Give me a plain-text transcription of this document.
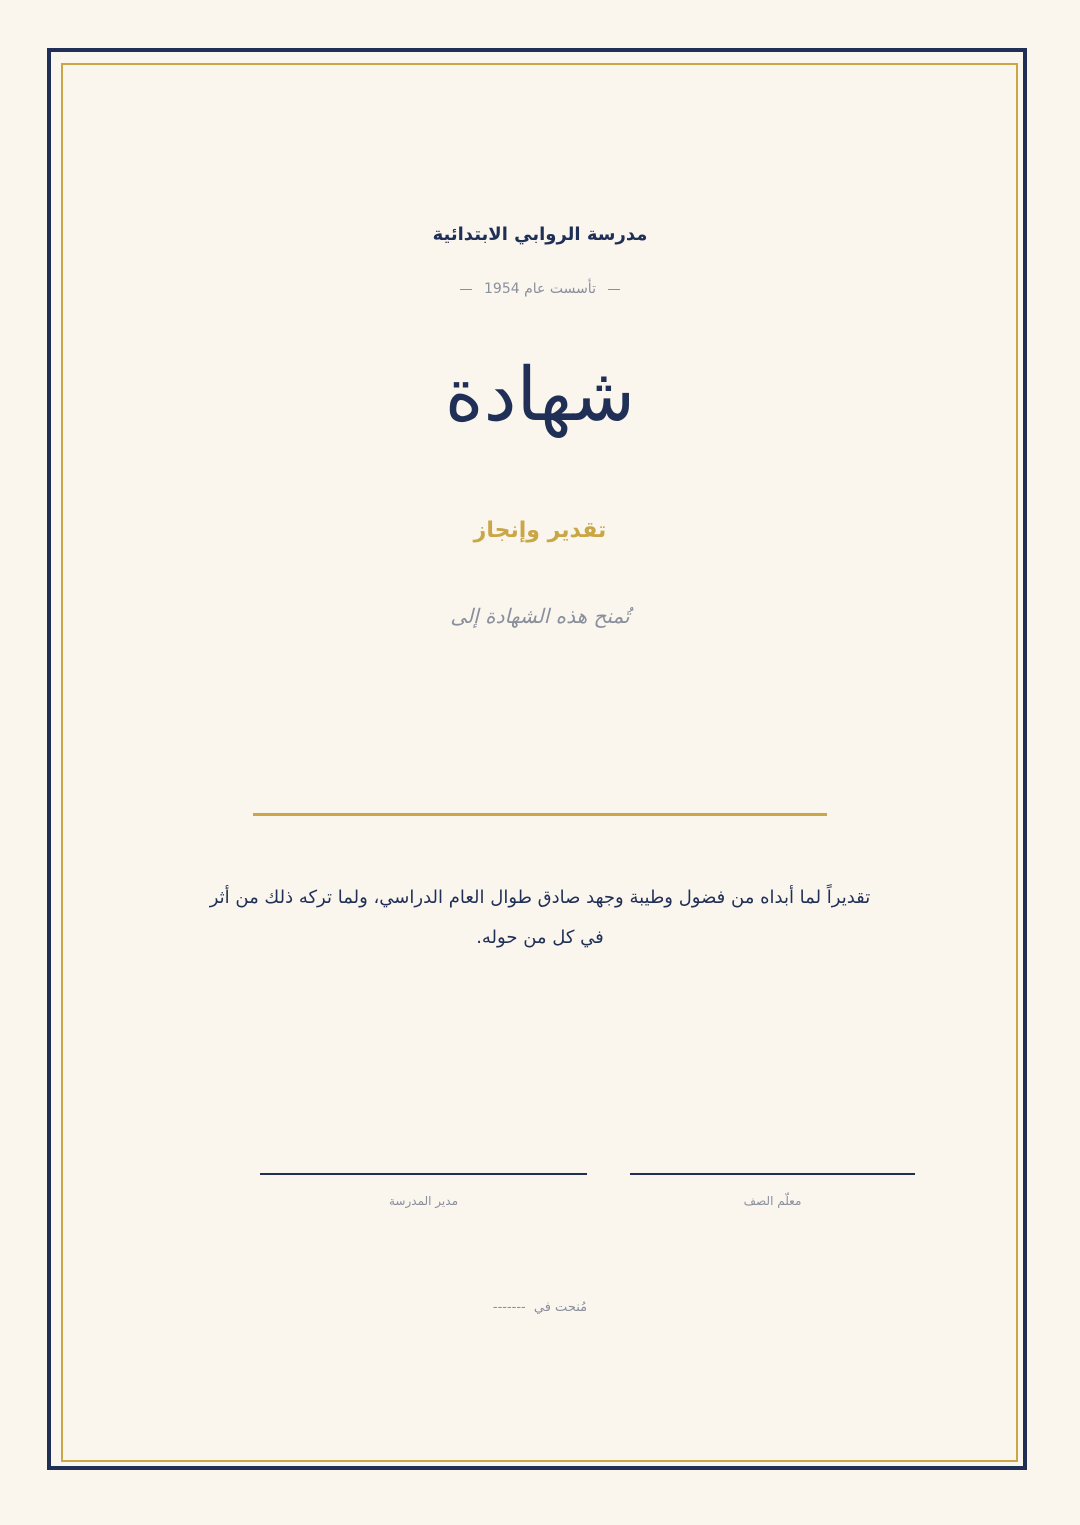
مدرسة الروابي الابتدائية
تأسست عام 1954
شهادة
تقدير وإنجاز
تُمنح هذه الشهادة إلى
تقديراً لما أبداه من فضول وطيبة وجهد صادق طوال العام الدراسي، ولما تركه ذلك من أثر في كل من حوله.
مدير المدرسة	معلّم الصف
مُنحت في -------
